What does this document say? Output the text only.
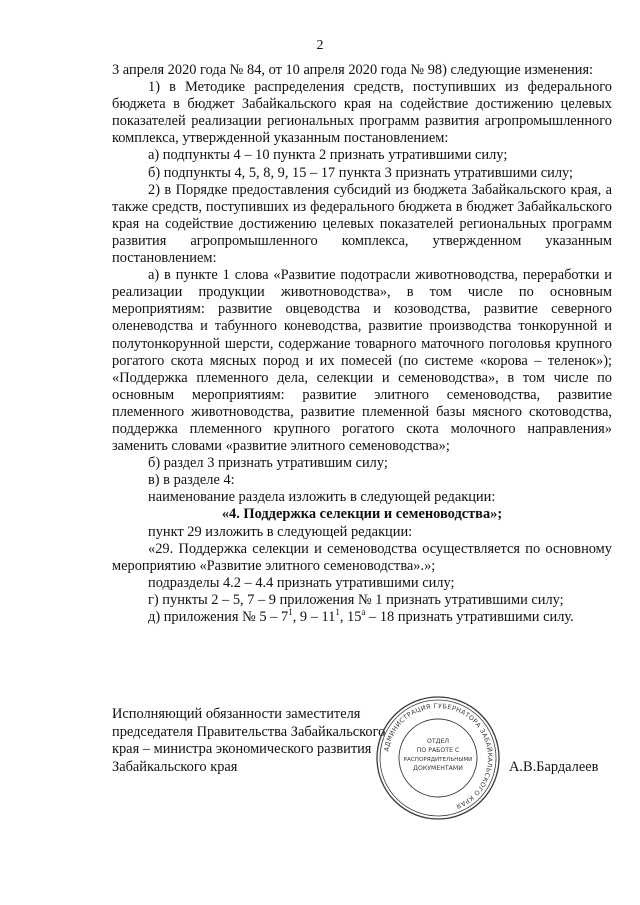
2

3 апреля 2020 года № 84, от 10 апреля 2020 года № 98) следующие изменения:

1) в Методике распределения средств, поступивших из федерального бюджета в бюджет Забайкальского края на содействие достижению целевых показателей реализации региональных программ развития агропромышленного комплекса, утвержденной указанным постановлением:

а) подпункты 4 – 10 пункта 2 признать утратившими силу;

б) подпункты 4, 5, 8, 9, 15 – 17 пункта 3 признать утратившими силу;

2) в Порядке предоставления субсидий из бюджета Забайкальского края, а также средств, поступивших из федерального бюджета в бюджет Забайкальского края на содействие достижению целевых показателей региональных программ развития агропромышленного комплекса, утвержденном указанным постановлением:

а) в пункте 1 слова «Развитие подотрасли животноводства, переработки и реализации продукции животноводства», в том числе по основным мероприятиям: развитие овцеводства и козоводства, развитие северного оленеводства и табунного коневодства, развитие производства тонкорунной и полутонкорунной шерсти, содержание товарного маточного поголовья крупного рогатого скота мясных пород и их помесей (по системе «корова – теленок»); «Поддержка племенного дела, селекции и семеноводства», в том числе по основным мероприятиям: развитие элитного семеноводства, развитие племенного животноводства, развитие племенной базы мясного скотоводства, поддержка племенного крупного рогатого скота молочного направления» заменить словами «развитие элитного семеноводства»;

б) раздел 3 признать утратившим силу;

в) в разделе 4:

наименование раздела изложить в следующей редакции:

«4. Поддержка селекции и семеноводства»;

пункт 29 изложить в следующей редакции:

«29. Поддержка селекции и семеноводства осуществляется по основному мероприятию «Развитие элитного семеноводства».»;

подразделы 4.2 – 4.4 признать утратившими силу;

г) пункты 2 – 5, 7 – 9 приложения № 1 признать утратившими силу;

д) приложения № $5 - 7^1$, $9 - 11^1$, $15^а - 18$ признать утратившими силу.

Исполняющий обязанности заместителя
председателя Правительства Забайкальского
края – министра экономического развития
Забайкальского края
АДМИНИСТРАЦИЯ ГУБЕРНАТОРА ЗАБАЙКАЛЬСКОГО КРАЯ
ОТДЕЛ
ПО РАБОТЕ С
РАСПОРЯДИТЕЛЬНЫМИ
ДОКУМЕНТАМИ	А.В.Бардалеев
